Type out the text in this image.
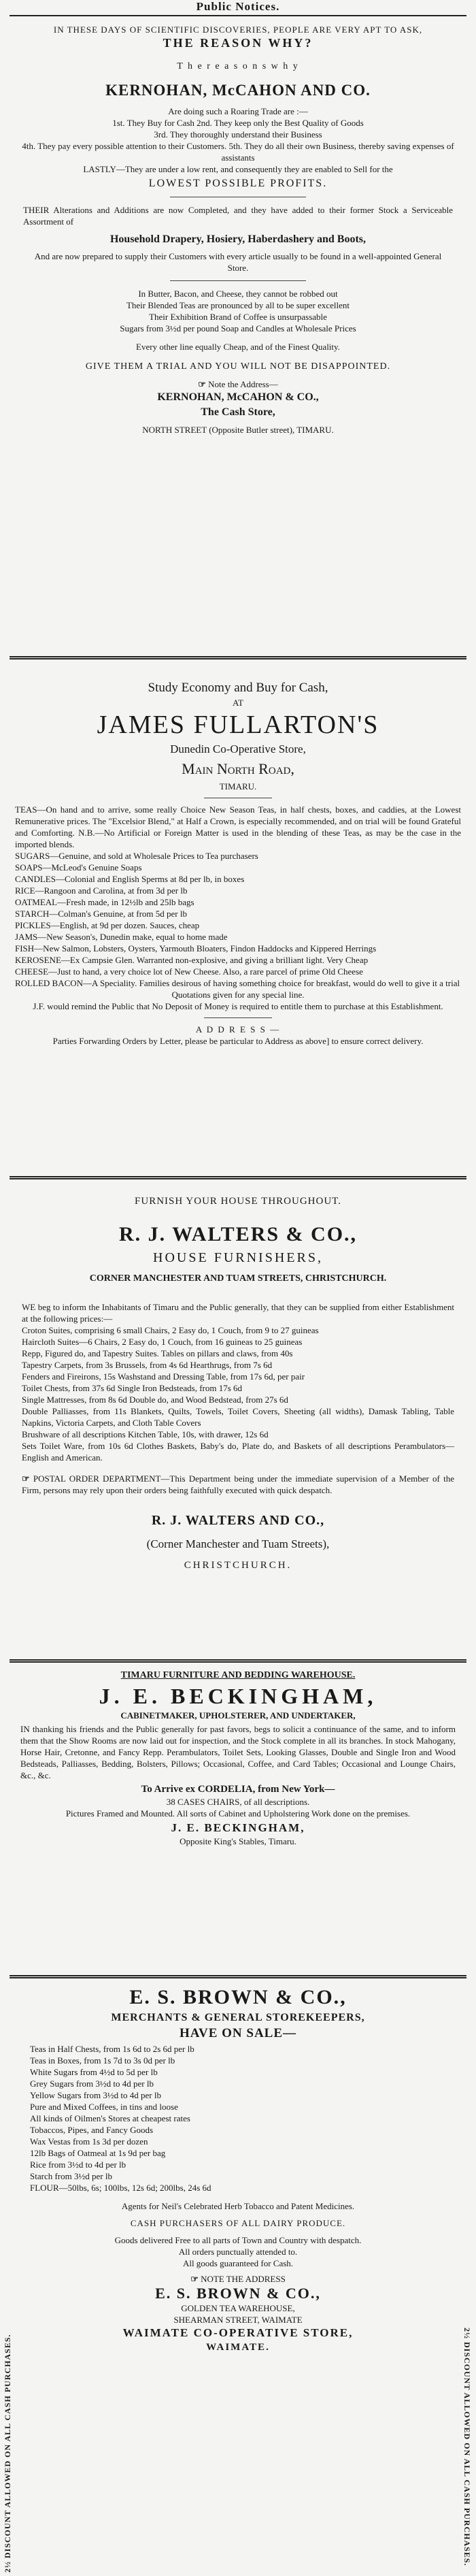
Public Notices.
IN THESE DAYS OF SCIENTIFIC DISCOVERIES, PEOPLE ARE VERY APT TO ASK,
THE REASON WHY?
T h e r e a s o n s w h y
KERNOHAN, McCAHON AND CO.
Are doing such a Roaring Trade are :—
1st. They Buy for Cash 2nd. They keep only the Best Quality of Goods
3rd. They thoroughly understand their Business
4th. They pay every possible attention to their Customers. 5th. They do all their own Business, thereby saving expenses of assistants
LASTLY—They are under a low rent, and consequently they are enabled to Sell for the
LOWEST POSSIBLE PROFITS.
THEIR Alterations and Additions are now Completed, and they have added to their former Stock a Serviceable Assortment of
Household Drapery, Hosiery, Haberdashery and Boots,
And are now prepared to supply their Customers with every article usually to be found in a well-appointed General Store.
In Butter, Bacon, and Cheese, they cannot be robbed out
Their Blended Teas are pronounced by all to be super excellent
Their Exhibition Brand of Coffee is unsurpassable
Sugars from 3½d per pound Soap and Candles at Wholesale Prices
Every other line equally Cheap, and of the Finest Quality.
GIVE THEM A TRIAL AND YOU WILL NOT BE DISAPPOINTED.
☞ Note the Address—
KERNOHAN, McCAHON & CO.,
The Cash Store,
NORTH STREET (Opposite Butler street), TIMARU.
Study Economy and Buy for Cash,
AT
JAMES FULLARTON'S
Dunedin Co-Operative Store,
Main North Road,
TIMARU.
TEAS—On hand and to arrive, some really Choice New Season Teas, in half chests, boxes, and caddies, at the Lowest Remunerative prices. The "Excelsior Blend," at Half a Crown, is especially recommended, and on trial will be found Grateful and Comforting. N.B.—No Artificial or Foreign Matter is used in the blending of these Teas, as may be the case in the imported blends.
SUGARS—Genuine, and sold at Wholesale Prices to Tea purchasers
SOAPS—McLeod's Genuine Soaps
CANDLES—Colonial and English Sperms at 8d per lb, in boxes
RICE—Rangoon and Carolina, at from 3d per lb
OATMEAL—Fresh made, in 12½lb and 25lb bags
STARCH—Colman's Genuine, at from 5d per lb
PICKLES—English, at 9d per dozen. Sauces, cheap
JAMS—New Season's, Dunedin make, equal to home made
FISH—New Salmon, Lobsters, Oysters, Yarmouth Bloaters, Findon Haddocks and Kippered Herrings
KEROSENE—Ex Campsie Glen. Warranted non-explosive, and giving a brilliant light. Very Cheap
CHEESE—Just to hand, a very choice lot of New Cheese. Also, a rare parcel of prime Old Cheese
ROLLED BACON—A Speciality. Families desirous of having something choice for breakfast, would do well to give it a trial
Quotations given for any special line.
J.F. would remind the Public that No Deposit of Money is required to entitle them to purchase at this Establishment.
A D D R E S S —
Parties Forwarding Orders by Letter, please be particular to Address as above] to ensure correct delivery.
FURNISH YOUR HOUSE THROUGHOUT.
R. J. WALTERS & CO.,
HOUSE FURNISHERS,
CORNER MANCHESTER AND TUAM STREETS, CHRISTCHURCH.
WE beg to inform the Inhabitants of Timaru and the Public generally, that they can be supplied from either Establishment at the following prices:—
Croton Suites, comprising 6 small Chairs, 2 Easy do, 1 Couch, from 9 to 27 guineas
Haircloth Suites—6 Chairs, 2 Easy do, 1 Couch, from 16 guineas to 25 guineas
Repp, Figured do, and Tapestry Suites. Tables on pillars and claws, from 40s
Tapestry Carpets, from 3s Brussels, from 4s 6d Hearthrugs, from 7s 6d
Fenders and Fireirons, 15s Washstand and Dressing Table, from 17s 6d, per pair
Toilet Chests, from 37s 6d Single Iron Bedsteads, from 17s 6d
Single Mattresses, from 8s 6d Double do, and Wood Bedstead, from 27s 6d
Double Palliasses, from 11s Blankets, Quilts, Towels, Toilet Covers, Sheeting (all widths), Damask Tabling, Table Napkins, Victoria Carpets, and Cloth Table Covers
Brushware of all descriptions Kitchen Table, 10s, with drawer, 12s 6d
Sets Toilet Ware, from 10s 6d Clothes Baskets, Baby's do, Plate do, and Baskets of all descriptions Perambulators—English and American.
☞ POSTAL ORDER DEPARTMENT—This Department being under the immediate supervision of a Member of the Firm, persons may rely upon their orders being faithfully executed with quick despatch.
R. J. WALTERS AND CO.,
(Corner Manchester and Tuam Streets),
CHRISTCHURCH.
TIMARU FURNITURE AND BEDDING WAREHOUSE.
J. E. BECKINGHAM,
CABINETMAKER, UPHOLSTERER, AND UNDERTAKER,
IN thanking his friends and the Public generally for past favors, begs to solicit a continuance of the same, and to inform them that the Show Rooms are now laid out for inspection, and the Stock complete in all its branches. In stock Mahogany, Horse Hair, Cretonne, and Fancy Repp. Perambulators, Toilet Sets, Looking Glasses, Double and Single Iron and Wood Bedsteads, Palliasses, Bedding, Bolsters, Pillows; Occasional, Coffee, and Card Tables; Occasional and Lounge Chairs, &c., &c.
To Arrive ex CORDELIA, from New York—
38 CASES CHAIRS, of all descriptions.
Pictures Framed and Mounted. All sorts of Cabinet and Upholstering Work done on the premises.
J. E. BECKINGHAM,
Opposite King's Stables, Timaru.
E. S. BROWN & CO.,
MERCHANTS & GENERAL STOREKEEPERS,
HAVE ON SALE—
Teas in Half Chests, from 1s 6d to 2s 6d per lb
Teas in Boxes, from 1s 7d to 3s 0d per lb
White Sugars from 4½d to 5d per lb
Grey Sugars from 3½d to 4d per lb
Yellow Sugars from 3½d to 4d per lb
Pure and Mixed Coffees, in tins and loose
All kinds of Oilmen's Stores at cheapest rates
Tobaccos, Pipes, and Fancy Goods
Wax Vestas from 1s 3d per dozen
12lb Bags of Oatmeal at 1s 9d per bag
Rice from 3½d to 4d per lb
Starch from 3½d per lb
FLOUR—50lbs, 6s; 100lbs, 12s 6d; 200lbs, 24s 6d
Agents for Neil's Celebrated Herb Tobacco and Patent Medicines.
CASH PURCHASERS OF ALL DAIRY PRODUCE.
Goods delivered Free to all parts of Town and Country with despatch.
All orders punctually attended to.
All goods guaranteed for Cash.
☞ NOTE THE ADDRESS
E. S. BROWN & CO.,
GOLDEN TEA WAREHOUSE,
SHEARMAN STREET, WAIMATE
WAIMATE CO-OPERATIVE STORE,
WAIMATE.
2½ DISCOUNT ALLOWED ON ALL CASH PURCHASES.	2½ DISCOUNT ALLOWED ON ALL CASH PURCHASES.
